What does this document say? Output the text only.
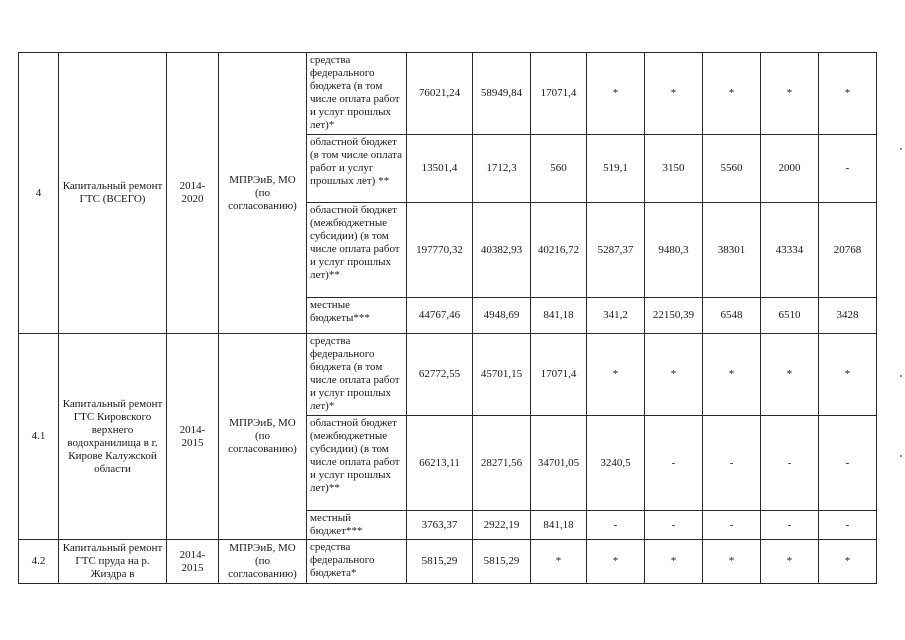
4	Капитальный ремонт ГТС (ВСЕГО)	2014-2020	МПРЭиБ, МО (по согласованию)	средства федерального бюджета (в том числе оплата работ и услуг прошлых лет)*	76021,24	58949,84	17071,4	*	*	*	*	*
				областной бюджет (в том числе оплата работ и услуг прошлых лет) **	13501,4	1712,3	560	519,1	3150	5560	2000	-
				областной бюджет (межбюджетные субсидии) (в том числе оплата работ и услуг прошлых лет)**	197770,32	40382,93	40216,72	5287,37	9480,3	38301	43334	20768
				местные бюджеты***	44767,46	4948,69	841,18	341,2	22150,39	6548	6510	3428
4.1	Капитальный ремонт ГТС Кировского верхнего водохранилища в г. Кирове Калужской области	2014-2015	МПРЭиБ, МО (по согласованию)	средства федерального бюджета (в том числе оплата работ и услуг прошлых лет)*	62772,55	45701,15	17071,4	*	*	*	*	*
				областной бюджет (межбюджетные субсидии) (в том числе оплата работ и услуг прошлых лет)**	66213,11	28271,56	34701,05	3240,5	-	-	-	-
				местный бюджет***	3763,37	2922,19	841,18	-	-	-	-	-
4.2	Капитальный ремонт ГТС пруда на р. Жиздра в	2014-2015	МПРЭиБ, МО (по согласованию)	средства федерального бюджета*	5815,29	5815,29	*	*	*	*	*	*
